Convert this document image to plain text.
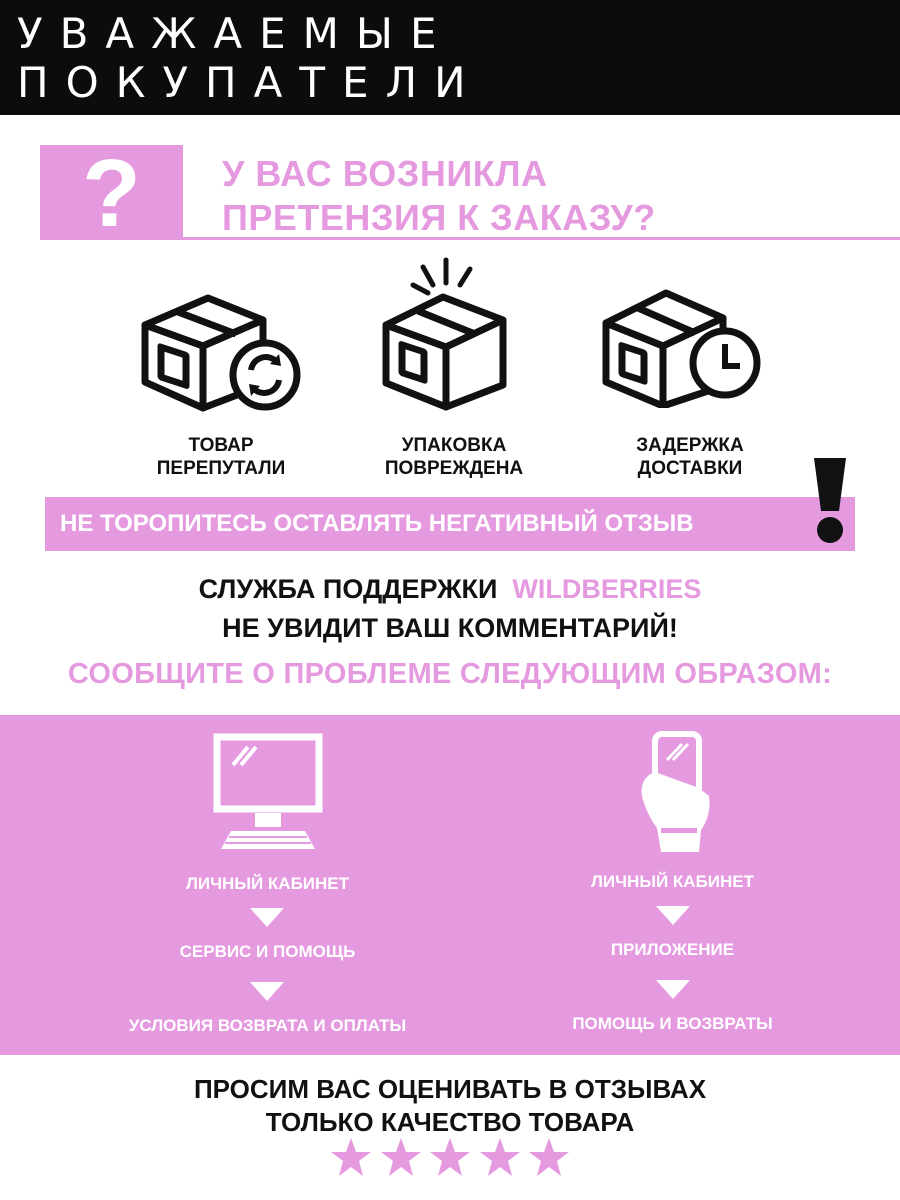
УВАЖАЕМЫЕ ПОКУПАТЕЛИ
?	У ВАС ВОЗНИКЛА
ПРЕТЕНЗИЯ К ЗАКАЗУ?
ТОВАР
ПЕРЕПУТАЛИ
УПАКОВКА
ПОВРЕЖДЕНА
ЗАДЕРЖКА
ДОСТАВКИ
НЕ ТОРОПИТЕСЬ ОСТАВЛЯТЬ НЕГАТИВНЫЙ ОТЗЫВ
СЛУЖБА ПОДДЕРЖКИ WILDBERRIES
НЕ УВИДИТ ВАШ КОММЕНТАРИЙ!
СООБЩИТЕ О ПРОБЛЕМЕ СЛЕДУЮЩИМ ОБРАЗОМ:
ЛИЧНЫЙ КАБИНЕТ
СЕРВИС И ПОМОЩЬ
УСЛОВИЯ ВОЗВРАТА И ОПЛАТЫ
ЛИЧНЫЙ КАБИНЕТ
ПРИЛОЖЕНИЕ
ПОМОЩЬ И ВОЗВРАТЫ
ПРОСИМ ВАС ОЦЕНИВАТЬ В ОТЗЫВАХ
ТОЛЬКО КАЧЕСТВО ТОВАРА
